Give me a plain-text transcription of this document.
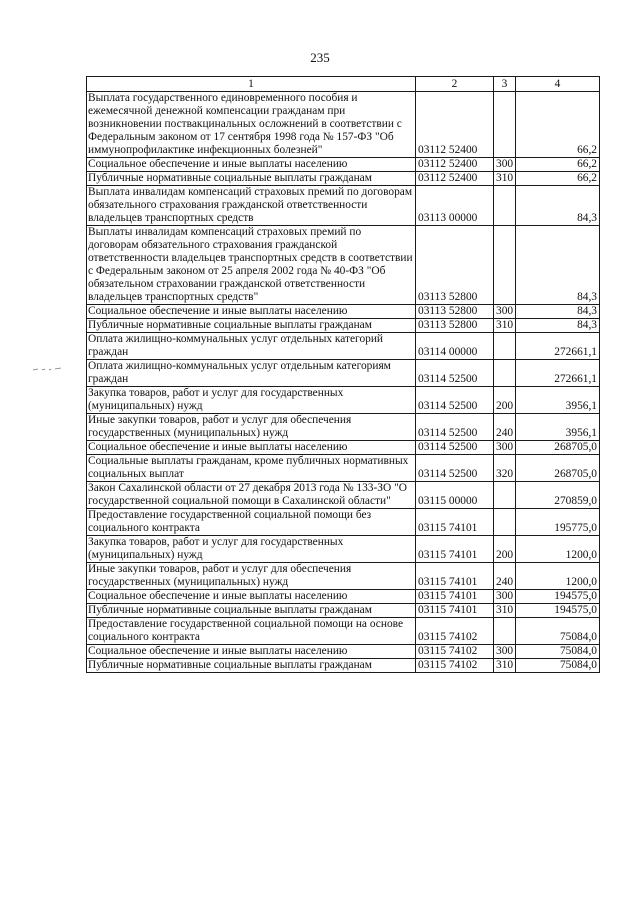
235
1	2	3	4
Выплата государственного единовременного пособия и ежемесячной денежной компенсации гражданам при возникновении поствакцинальных осложнений в соответствии с Федеральным законом от 17 сентября 1998 года № 157-ФЗ "Об иммунопрофилактике инфекционных болезней"	03112 52400		66,2
Социальное обеспечение и иные выплаты населению	03112 52400	300	66,2
Публичные нормативные социальные выплаты гражданам	03112 52400	310	66,2
Выплата инвалидам компенсаций страховых премий по договорам обязательного страхования гражданской ответственности владельцев транспортных средств	03113 00000		84,3
Выплаты инвалидам компенсаций страховых премий по договорам обязательного страхования гражданской ответственности владельцев транспортных средств в соответствии с Федеральным законом от 25 апреля 2002 года № 40-ФЗ "Об обязательном страховании гражданской ответственности владельцев транспортных средств"	03113 52800		84,3
Социальное обеспечение и иные выплаты населению	03113 52800	300	84,3
Публичные нормативные социальные выплаты гражданам	03113 52800	310	84,3
Оплата жилищно-коммунальных услуг отдельных категорий граждан	03114 00000		272661,1
Оплата жилищно-коммунальных услуг отдельным категориям граждан	03114 52500		272661,1
Закупка товаров, работ и услуг для государственных (муниципальных) нужд	03114 52500	200	3956,1
Иные закупки товаров, работ и услуг для обеспечения государственных (муниципальных) нужд	03114 52500	240	3956,1
Социальное обеспечение и иные выплаты населению	03114 52500	300	268705,0
Социальные выплаты гражданам, кроме публичных нормативных социальных выплат	03114 52500	320	268705,0
Закон Сахалинской области от 27 декабря 2013 года № 133-ЗО "О государственной социальной помощи в Сахалинской области"	03115 00000		270859,0
Предоставление государственной социальной помощи без социального контракта	03115 74101		195775,0
Закупка товаров, работ и услуг для государственных (муниципальных) нужд	03115 74101	200	1200,0
Иные закупки товаров, работ и услуг для обеспечения государственных (муниципальных) нужд	03115 74101	240	1200,0
Социальное обеспечение и иные выплаты населению	03115 74101	300	194575,0
Публичные нормативные социальные выплаты гражданам	03115 74101	310	194575,0
Предоставление государственной социальной помощи на основе социального контракта	03115 74102		75084,0
Социальное обеспечение и иные выплаты населению	03115 74102	300	75084,0
Публичные нормативные социальные выплаты гражданам	03115 74102	310	75084,0
